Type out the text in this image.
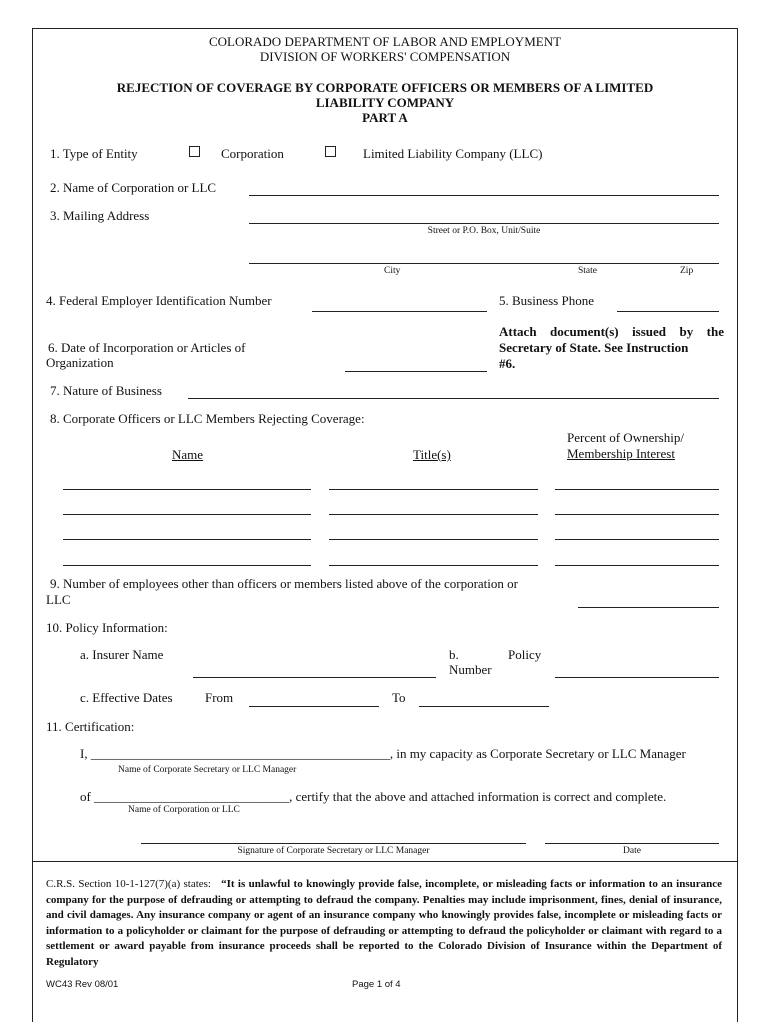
COLORADO DEPARTMENT OF LABOR AND EMPLOYMENT
DIVISION OF WORKERS' COMPENSATION
REJECTION OF COVERAGE BY CORPORATE OFFICERS OR MEMBERS OF A LIMITED
LIABILITY COMPANY
PART A
1. Type of Entity	Corporation	Limited Liability Company (LLC)
2. Name of Corporation or LLC
3. Mailing Address
Street or P.O. Box, Unit/Suite
City	State	Zip
4. Federal Employer Identification Number	5. Business Phone
6. Date of Incorporation or Articles of
Organization
Attach document(s) issued by the
Secretary of State. See Instruction
#6.
7. Nature of Business
8. Corporate Officers or LLC Members Rejecting Coverage:
Percent of Ownership/
Name	Title(s)	Membership Interest
9. Number of employees other than officers or members listed above of the corporation or
LLC
10. Policy Information:
a. Insurer Name	b.	Policy
Number
c. Effective Dates From	To
11. Certification:
I, ______________________________________________, in my capacity as Corporate Secretary or LLC Manager
Name of Corporate Secretary or LLC Manager
of ______________________________, certify that the above and attached information is correct and complete.
Name of Corporation or LLC
Signature of Corporate Secretary or LLC Manager	Date
C.R.S. Section 10-1-127(7)(a) states: “It is unlawful to knowingly provide false, incomplete, or misleading facts or information to an insurance company for the purpose of defrauding or attempting to defraud the company. Penalties may include imprisonment, fines, denial of insurance, and civil damages. Any insurance company or agent of an insurance company who knowingly provides false, incomplete or misleading facts or information to a policyholder or claimant for the purpose of defrauding or attempting to defraud the policyholder or claimant with regard to a settlement or award payable from insurance proceeds shall be reported to the Colorado Division of Insurance within the Department of Regulatory
WC43 Rev 08/01	Page 1 of 4
